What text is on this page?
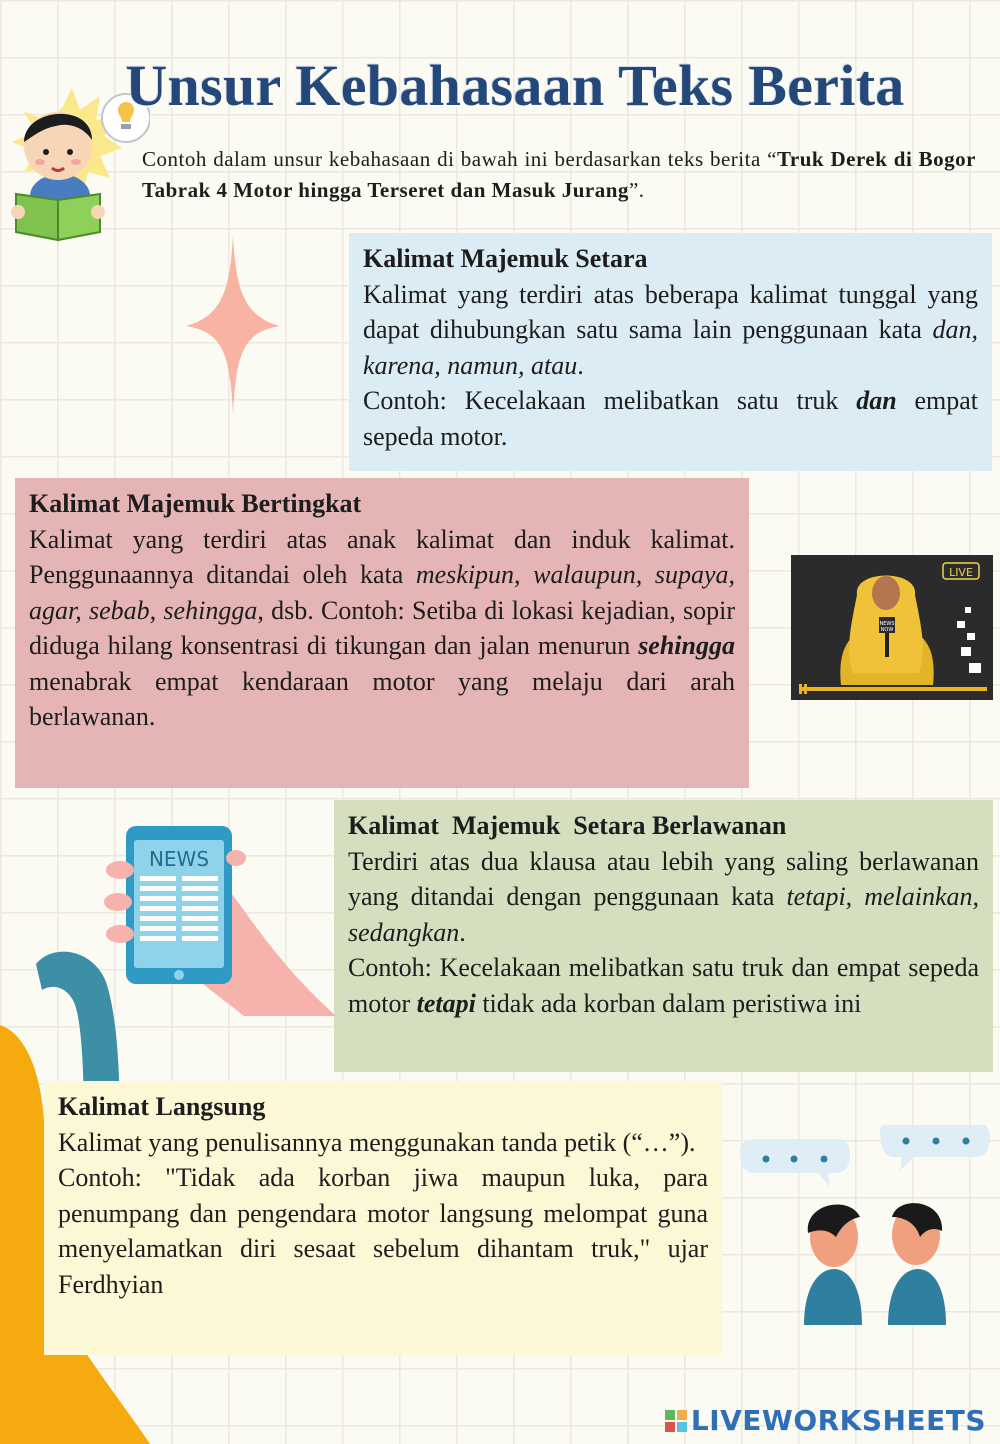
Unsur Kebahasaan Teks Berita
Contoh dalam unsur kebahasaan di bawah ini berdasarkan teks berita “Truk Derek di Bogor Tabrak 4 Motor hingga Terseret dan Masuk Jurang”.
Kalimat Majemuk Setara

Kalimat yang terdiri atas beberapa kalimat tunggal yang dapat dihubungkan satu sama lain penggunaan kata dan, karena, namun, atau.

Contoh: Kecelakaan melibatkan satu truk dan empat sepeda motor.

Kalimat Majemuk Bertingkat

Kalimat yang terdiri atas anak kalimat dan induk kalimat. Penggunaannya ditandai oleh kata meskipun, walaupun, supaya, agar, sebab, sehingga, dsb. Contoh: Setiba di lokasi kejadian, sopir diduga hilang konsentrasi di tikungan dan jalan menurun sehingga menabrak empat kendaraan motor yang melaju dari arah berlawanan.

LIVE
NEWS
NOW
Kalimat  Majemuk  Setara Berlawanan

Terdiri atas dua klausa atau lebih yang saling berlawanan yang ditandai dengan penggunaan kata tetapi, melainkan, sedangkan.

Contoh: Kecelakaan melibatkan satu truk dan empat sepeda motor tetapi tidak ada korban dalam peristiwa ini

NEWS
Kalimat Langsung

Kalimat yang penulisannya menggunakan tanda petik (“…”).

Contoh: "Tidak ada korban jiwa maupun luka, para penumpang dan pengendara motor langsung melompat guna menyelamatkan diri sesaat sebelum dihantam truk," ujar Ferdhyian

LIVEWORKSHEETS
